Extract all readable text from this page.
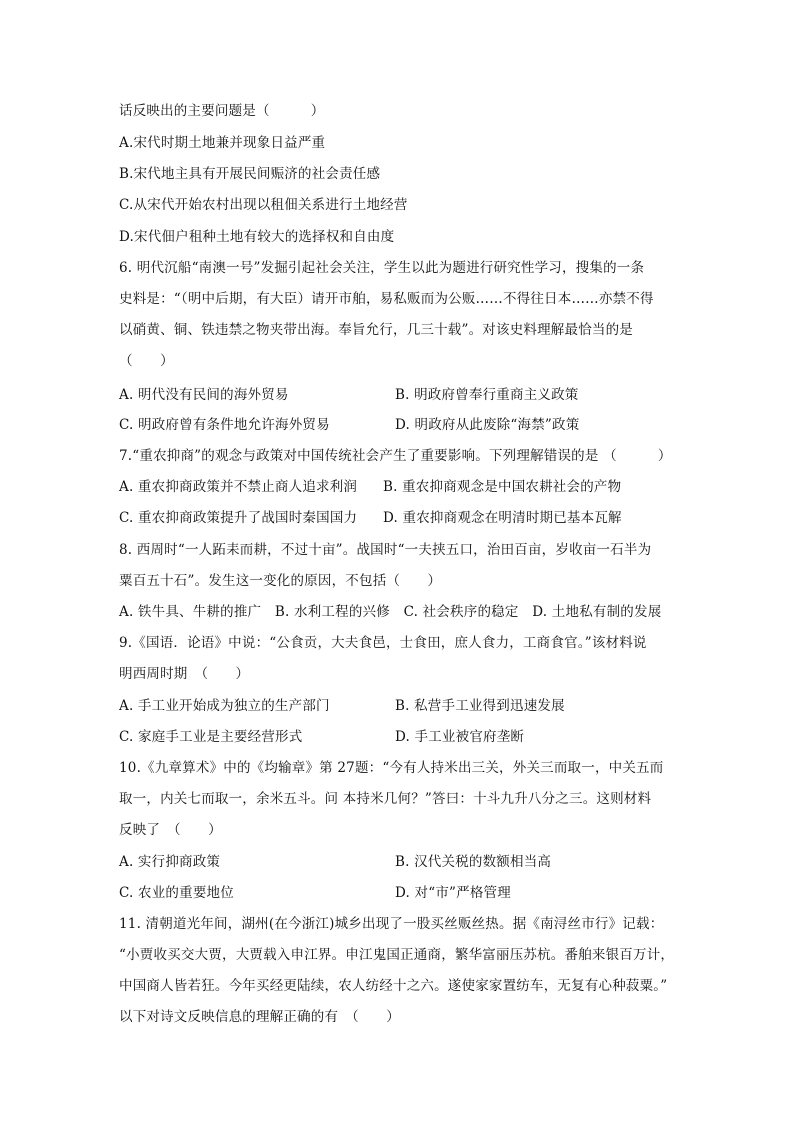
话反映出的主要问题是（　　　）
A.宋代时期土地兼并现象日益严重
B.宋代地主具有开展民间赈济的社会责任感
C.从宋代开始农村出现以租佃关系进行土地经营
D.宋代佃户租种土地有较大的选择权和自由度
6. 明代沉船“南澳一号”发掘引起社会关注，学生以此为题进行研究性学习，搜集的一条
史料是：“（明中后期，有大臣）请开市舶，易私贩而为公贩……不得往日本……亦禁不得
以硝黄、铜、铁违禁之物夹带出海。奉旨允行，几三十载”。对该史料理解最恰当的是
（　　）
A. 明代没有民间的海外贸易	B. 明政府曾奉行重商主义政策
C. 明政府曾有条件地允许海外贸易	D. 明政府从此废除“海禁”政策
7.“重农抑商”的观念与政策对中国传统社会产生了重要影响。下列理解错误的是 （　　　）
A. 重农抑商政策并不禁止商人追求利润 B. 重农抑商观念是中国农耕社会的产物
C. 重农抑商政策提升了战国时秦国国力 D. 重农抑商观念在明清时期已基本瓦解
8. 西周时“一人跖耒而耕，不过十亩”。战国时“一夫挟五口，治田百亩，岁收亩一石半为
粟百五十石”。发生这一变化的原因，不包括（　　）
A. 铁牛具、牛耕的推广　B. 水利工程的兴修　C. 社会秩序的稳定　D. 土地私有制的发展
9.《国语．论语》中说：“公食贡，大夫食邑，士食田，庶人食力，工商食官。”该材料说
明西周时期　（　　）
A. 手工业开始成为独立的生产部门	B. 私营手工业得到迅速发展
C. 家庭手工业是主要经营形式	D. 手工业被官府垄断
10.《九章算术》中的《均输章》第 27题：“今有人持米出三关，外关三而取一，中关五而
取一，内关七而取一，余米五斗。问 本持米几何？”答曰：十斗九升八分之三。这则材料
反映了　（　　）
A. 实行抑商政策	B. 汉代关税的数额相当高
C. 农业的重要地位	D. 对“市”严格管理
11. 清朝道光年间，湖州(在今浙江)城乡出现了一股买丝贩丝热。据《南浔丝市行》记载：
“小贾收买交大贾，大贾载入申江界。申江鬼国正通商，繁华富丽压苏杭。番舶来银百万计，
中国商人皆若狂。今年买经更陆续，农人纺经十之六。遂使家家置纺车，无复有心种菽粟。”
以下对诗文反映信息的理解正确的有　（　　）
